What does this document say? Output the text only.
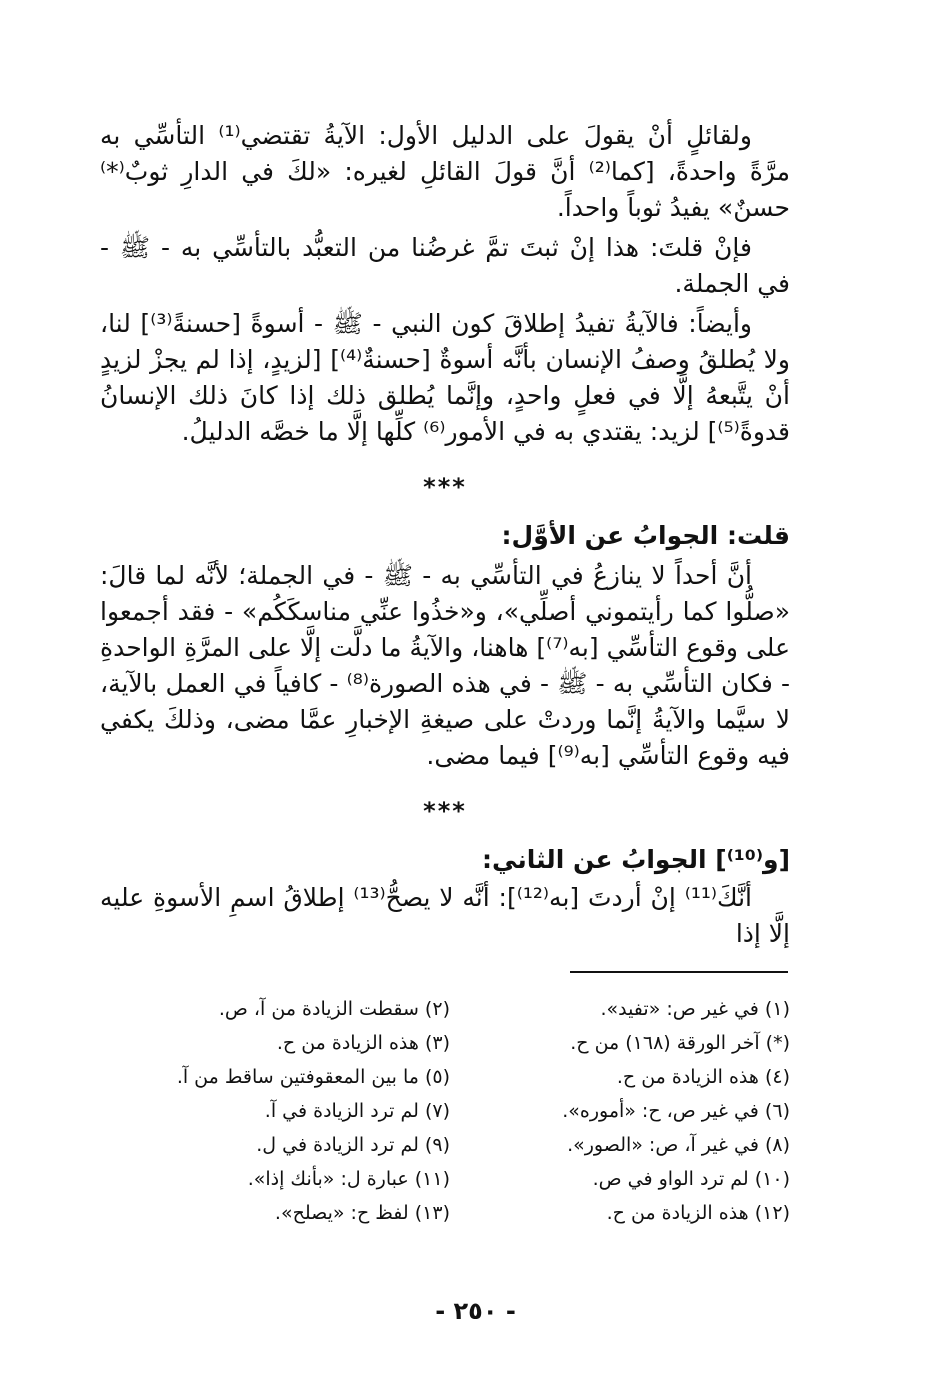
ولقائلٍ أنْ يقولَ على الدليل الأول: الآيةُ تقتضي⁽¹⁾ التأسِّي به مرَّةً واحدةً، [كما⁽²⁾ أنَّ قولَ القائلِ لغيره: «لكَ في الدارِ ثوبٌ⁽*⁾ حسنٌ» يفيدُ ثوباً واحداً.

فإنْ قلتَ: هذا إنْ ثبتَ تمَّ غرضُنا من التعبُّد بالتأسِّي به - ﷺ - في الجملة.

وأيضاً: فالآيةُ تفيدُ إطلاقَ كون النبي - ﷺ - أسوةً [حسنةً⁽³⁾] لنا، ولا يُطلقُ وصفُ الإنسان بأنَّه أسوةٌ [حسنةٌ⁽⁴⁾] [لزيدٍ، إذا لم يجزْ لزيدٍ أنْ يتَّبعهُ إلَّا في فعلٍ واحدٍ، وإنَّما يُطلق ذلك إذا كانَ ذلك الإنسانُ قدوةً⁽⁵⁾] لزيد: يقتدي به في الأمور⁽⁶⁾ كلِّها إلَّا ما خصَّه الدليلُ.

***

قلت: الجوابُ عن الأوَّل:

أنَّ أحداً لا ينازعُ في التأسِّي به - ﷺ - في الجملة؛ لأنَّه لما قالَ: «صلُّوا كما رأيتموني أصلِّي»، و«خذُوا عنِّي مناسكَكُم» - فقد أجمعوا على وقوع التأسِّي [به⁽⁷⁾] هاهنا، والآيةُ ما دلَّت إلَّا على المرَّةِ الواحدةِ - فكان التأسِّي به - ﷺ - في هذه الصورة⁽⁸⁾ - كافياً في العمل بالآية، لا سيَّما والآيةُ إنَّما وردتْ على صيغةِ الإخبارِ عمَّا مضى، وذلكَ يكفي فيه وقوع التأسِّي [به⁽⁹⁾] فيما مضى.

***

[و⁽¹⁰⁾] الجوابُ عن الثاني:

أنَّكَ⁽¹¹⁾ إنْ أردتَ [به⁽¹²⁾]: أنَّه لا يصحُّ⁽¹³⁾ إطلاقُ اسمِ الأسوةِ عليه إلَّا إذا

(١) في غير ص: «تفيد».
(٢) سقطت الزيادة من آ، ص.
(*) آخر الورقة (١٦٨) من ح.
(٣) هذه الزيادة من ح.
(٤) هذه الزيادة من ح.
(٥) ما بين المعقوفتين ساقط من آ.
(٦) في غير ص، ح: «أموره».
(٧) لم ترد الزيادة في آ.
(٨) في غير آ، ص: «الصور».
(٩) لم ترد الزيادة في ل.
(١٠) لم ترد الواو في ص.
(١١) عبارة ل: «بأنك إذا».
(١٢) هذه الزيادة من ح.
(١٣) لفظ ح: «يصلح».
- ٢٥٠ -
